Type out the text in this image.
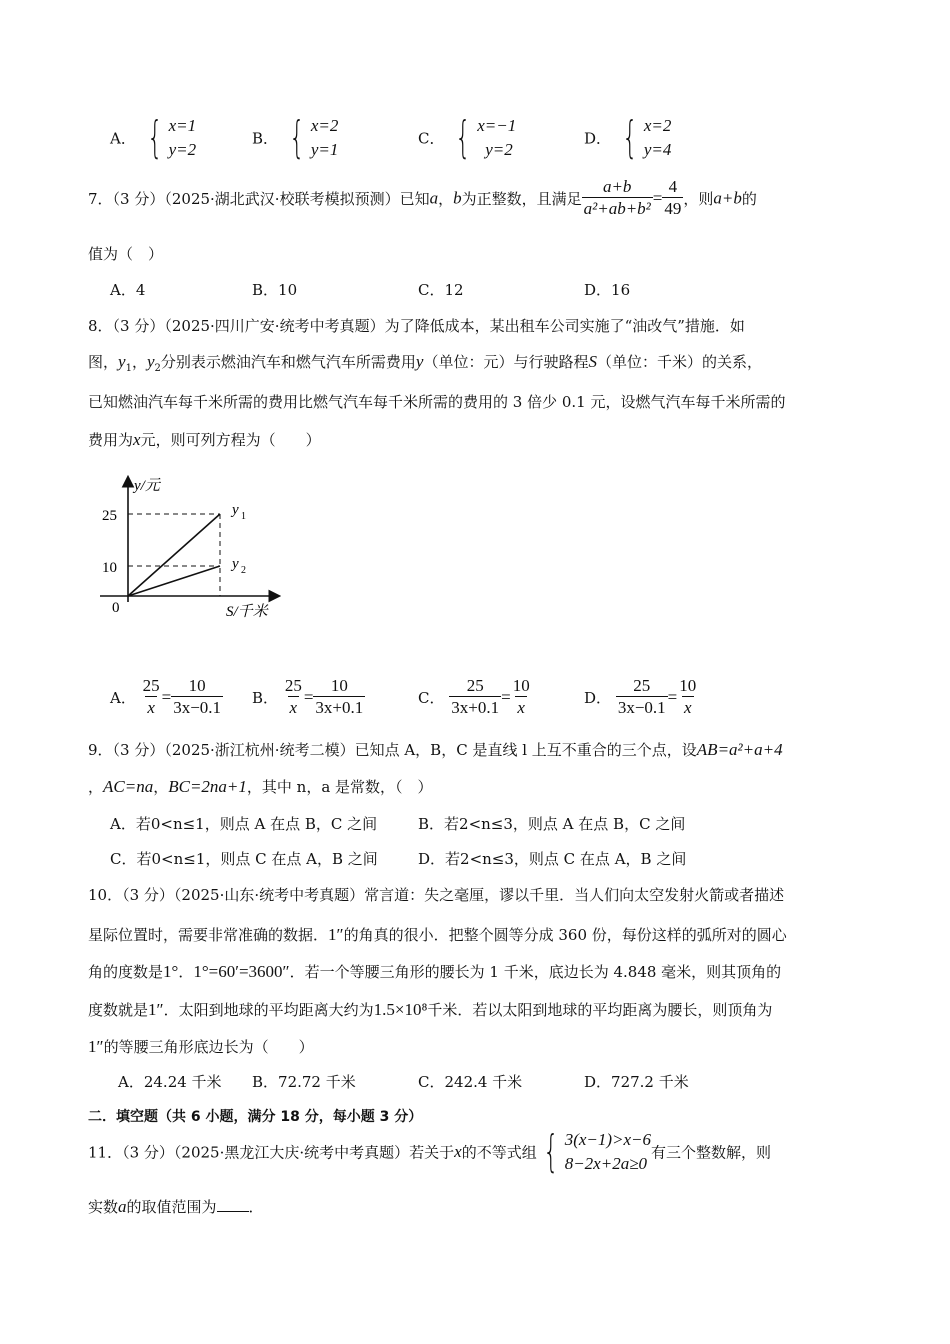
A． { x=1
y=2
B． { x=2
y=1
C． { x=−1
y=2
D． { x=2
y=4
7．（3 分）（2025·湖北武汉·校联考模拟预测）已知a，b为正整数，且满足 $\frac{a+b}{\text{a²+ab+b²}} = \frac{4}{49}$ ，则a+b的
值为（　）
A．4	B．10	C．12	D．16
8．（3 分）（2025·四川广安·统考中考真题）为了降低成本，某出租车公司实施了“油改气”措施．如
图，$y_1$，$y_2$分别表示燃油汽车和燃气汽车所需费用y（单位：元）与行驶路程S（单位：千米）的关系，
已知燃油汽车每千米所需的费用比燃气汽车每千米所需的费用的 3 倍少 0.1 元，设燃气汽车每千米所需的
费用为x元，则可列方程为（　　）
y/元
S/千米
0
25
10
y 1
y 2
A． $\frac{25}{x} = \frac{10}{3x-0.1}$ B． $\frac{25}{x} = \frac{10}{3x+0.1}$	C． $\frac{25}{3x+0.1} = \frac{10}{x}$	D． $\frac{25}{3x-0.1} = \frac{10}{x}$
9．（3 分）（2025·浙江杭州·统考二模）已知点 A，B，C 是直线 l 上互不重合的三个点，设AB=a²+a+4
，AC=na，BC=2na+1，其中 n，a 是常数，（　）
A．若0<n≤1，则点 A 在点 B，C 之间	B．若2<n≤3，则点 A 在点 B，C 之间
C．若0<n≤1，则点 C 在点 A，B 之间	D．若2<n≤3，则点 C 在点 A，B 之间
10．（3 分）（2025·山东·统考中考真题）常言道：失之毫厘，谬以千里．当人们向太空发射火箭或者描述
星际位置时，需要非常准确的数据．1″的角真的很小．把整个圆等分成 360 份，每份这样的弧所对的圆心
角的度数是1°．1°=60′=3600″．若一个等腰三角形的腰长为 1 千米，底边长为 4.848 毫米，则其顶角的
度数就是1″．太阳到地球的平均距离大约为1.5×10⁸千米．若以太阳到地球的平均距离为腰长，则顶角为
1″的等腰三角形底边长为（　　）
A．24.24 千米 B．72.72 千米	C．242.4 千米	D．727.2 千米
二．填空题（共 6 小题，满分 18 分，每小题 3 分）
11．（3 分）（2025·黑龙江大庆·统考中考真题）若关于x的不等式组 { 3(x−1)>x−6
8−2x+2a≥0
有三个整数解，则
实数a的取值范围为 ．
